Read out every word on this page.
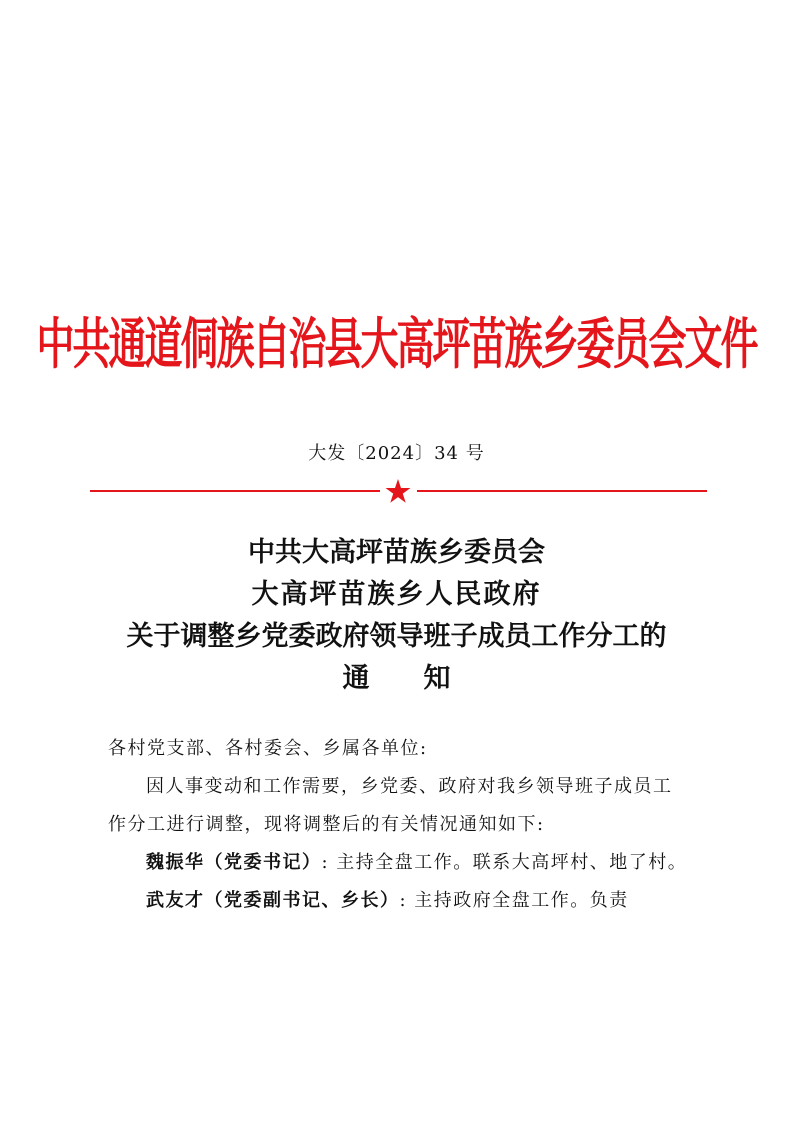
中共通道侗族自治县大高坪苗族乡委员会文件
大发〔2024〕34 号
中共大高坪苗族乡委员会
大高坪苗族乡人民政府
关于调整乡党委政府领导班子成员工作分工的
通 知

各村党支部、各村委会、乡属各单位:

因人事变动和工作需要，乡党委、政府对我乡领导班子成员工作分工进行调整，现将调整后的有关情况通知如下:

魏振华（党委书记）: 主持全盘工作。联系大高坪村、地了村。

武友才（党委副书记、乡长）: 主持政府全盘工作。负责
